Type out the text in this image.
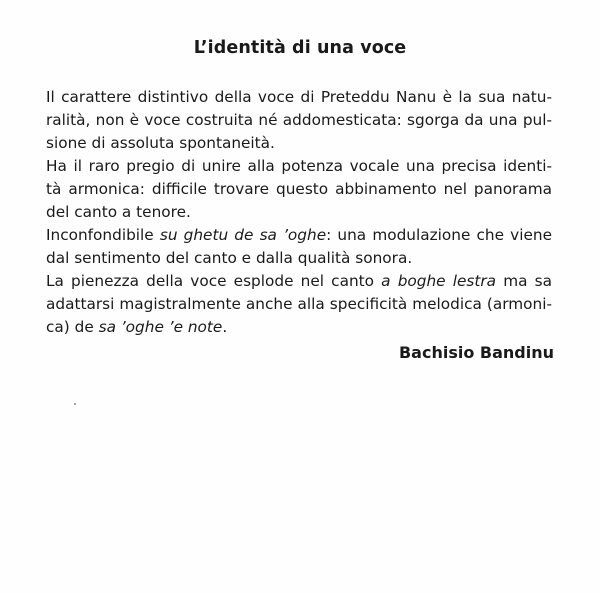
L’identità di una voce
Il carattere distintivo della voce di Preteddu Nanu è la sua natu-
ralità, non è voce costruita né addomesticata: sgorga da una pul-
sione di assoluta spontaneità.
Ha il raro pregio di unire alla potenza vocale una precisa identi-
tà armonica: difficile trovare questo abbinamento nel panorama
del canto a tenore.
Inconfondibile su ghetu de sa ’oghe: una modulazione che viene
dal sentimento del canto e dalla qualità sonora.
La pienezza della voce esplode nel canto a boghe lestra ma sa
adattarsi magistralmente anche alla specificità melodica (armoni-
ca) de sa ’oghe ’e note.
Bachisio Bandinu
